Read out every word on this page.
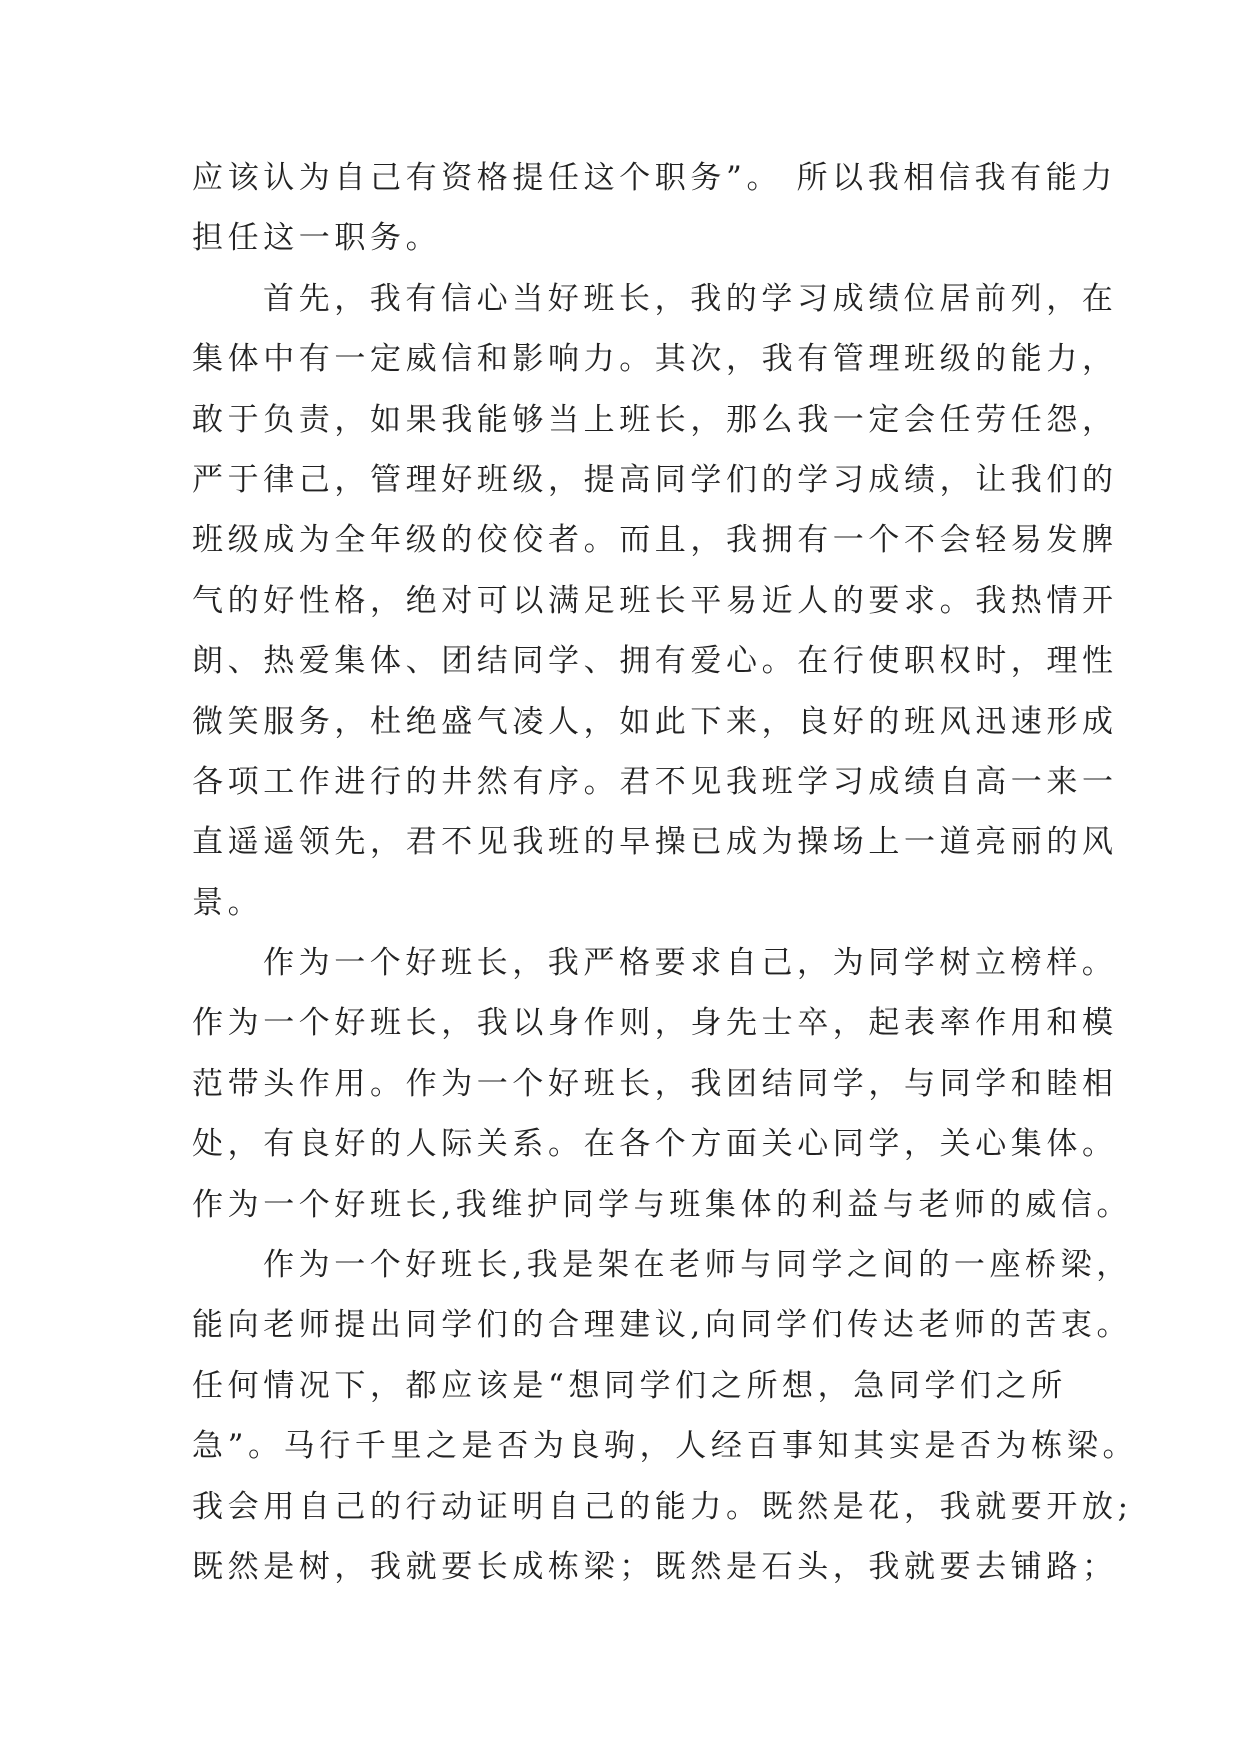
应该认为自己有资格提任这个职务”。 所以我相信我有能力
担任这一职务。
首先，我有信心当好班长，我的学习成绩位居前列，在
集体中有一定威信和影响力。其次，我有管理班级的能力，
敢于负责，如果我能够当上班长，那么我一定会任劳任怨，
严于律己，管理好班级，提高同学们的学习成绩，让我们的
班级成为全年级的佼佼者。而且，我拥有一个不会轻易发脾
气的好性格，绝对可以满足班长平易近人的要求。我热情开
朗、热爱集体、团结同学、拥有爱心。在行使职权时，理性
微笑服务，杜绝盛气凌人，如此下来，良好的班风迅速形成
各项工作进行的井然有序。君不见我班学习成绩自高一来一
直遥遥领先，君不见我班的早操已成为操场上一道亮丽的风
景。
作为一个好班长，我严格要求自己，为同学树立榜样。
作为一个好班长，我以身作则，身先士卒，起表率作用和模
范带头作用。作为一个好班长，我团结同学，与同学和睦相
处，有良好的人际关系。在各个方面关心同学，关心集体。
作为一个好班长,我维护同学与班集体的利益与老师的威信。
作为一个好班长,我是架在老师与同学之间的一座桥梁，
能向老师提出同学们的合理建议,向同学们传达老师的苦衷。
任何情况下，都应该是“想同学们之所想，急同学们之所
急”。马行千里之是否为良驹，人经百事知其实是否为栋梁。
我会用自己的行动证明自己的能力。既然是花，我就要开放;
既然是树，我就要长成栋梁；既然是石头，我就要去铺路；
